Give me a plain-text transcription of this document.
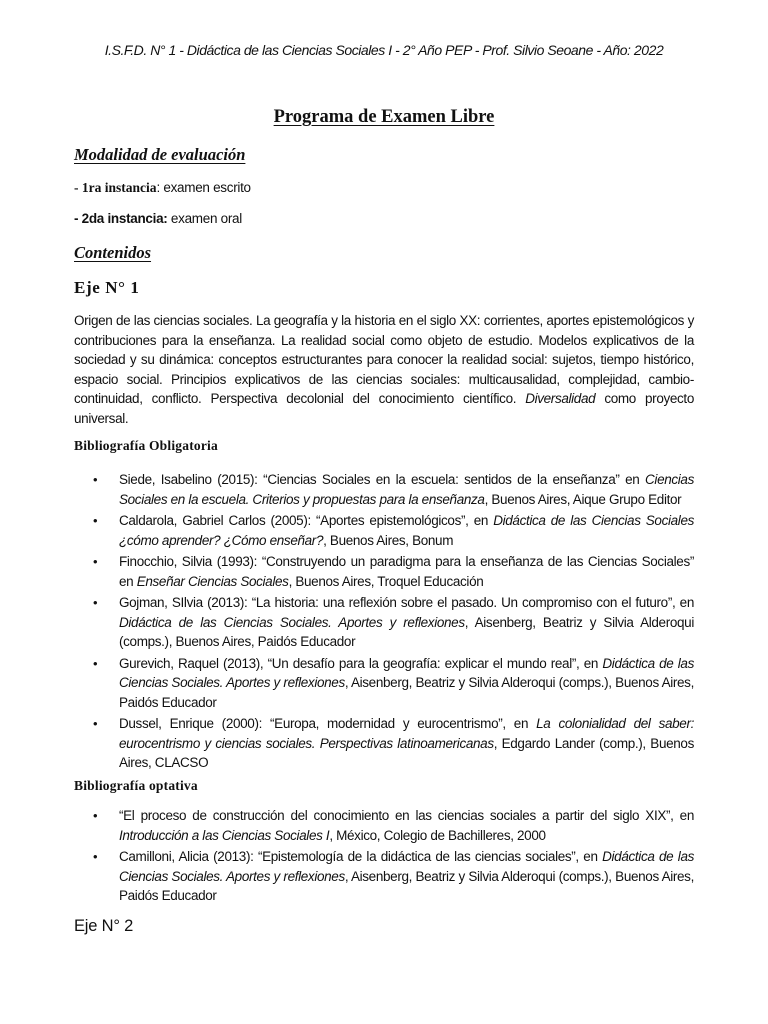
I.S.F.D. N° 1 - Didáctica de las Ciencias Sociales I - 2° Año PEP - Prof. Silvio Seoane - Año: 2022
Programa de Examen Libre
Modalidad de evaluación
- 1ra instancia: examen escrito
- 2da instancia: examen oral
Contenidos
Eje N° 1
Origen de las ciencias sociales. La geografía y la historia en el siglo XX: corrientes, aportes epistemológicos y contribuciones para la enseñanza. La realidad social como objeto de estudio. Modelos explicativos de la sociedad y su dinámica: conceptos estructurantes para conocer la realidad social: sujetos, tiempo histórico, espacio social. Principios explicativos de las ciencias sociales: multicausalidad, complejidad, cambio-continuidad, conflicto. Perspectiva decolonial del conocimiento científico. Diversalidad como proyecto universal.
Bibliografía Obligatoria
• Siede, Isabelino (2015): “Ciencias Sociales en la escuela: sentidos de la enseñanza” en Ciencias Sociales en la escuela. Criterios y propuestas para la enseñanza, Buenos Aires, Aique Grupo Editor
• Caldarola, Gabriel Carlos (2005): “Aportes epistemológicos”, en Didáctica de las Ciencias Sociales ¿cómo aprender? ¿Cómo enseñar?, Buenos Aires, Bonum
• Finocchio, Silvia (1993): “Construyendo un paradigma para la enseñanza de las Ciencias Sociales” en Enseñar Ciencias Sociales, Buenos Aires, Troquel Educación
• Gojman, SIlvia (2013): “La historia: una reflexión sobre el pasado. Un compromiso con el futuro”, en Didáctica de las Ciencias Sociales. Aportes y reflexiones, Aisenberg, Beatriz y Silvia Alderoqui (comps.), Buenos Aires, Paidós Educador
• Gurevich, Raquel (2013), “Un desafío para la geografía: explicar el mundo real”, en Didáctica de las Ciencias Sociales. Aportes y reflexiones, Aisenberg, Beatriz y Silvia Alderoqui (comps.), Buenos Aires, Paidós Educador
• Dussel, Enrique (2000): “Europa, modernidad y eurocentrismo”, en La colonialidad del saber: eurocentrismo y ciencias sociales. Perspectivas latinoamericanas, Edgardo Lander (comp.), Buenos Aires, CLACSO
Bibliografía optativa
• “El proceso de construcción del conocimiento en las ciencias sociales a partir del siglo XIX”, en Introducción a las Ciencias Sociales I, México, Colegio de Bachilleres, 2000
• Camilloni, Alicia (2013): “Epistemología de la didáctica de las ciencias sociales”, en Didáctica de las Ciencias Sociales. Aportes y reflexiones, Aisenberg, Beatriz y Silvia Alderoqui (comps.), Buenos Aires, Paidós Educador
Eje N° 2
